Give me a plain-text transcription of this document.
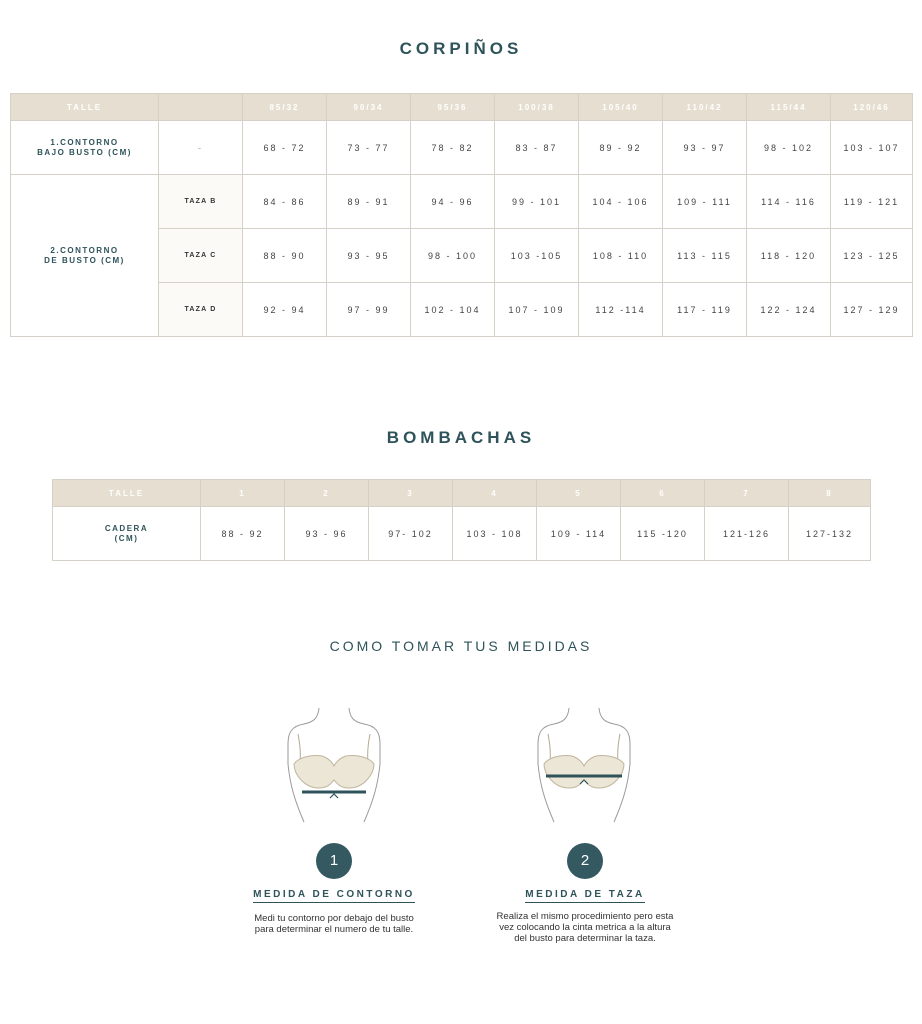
CORPIÑOS
TALLE		85/32	90/34	95/36	100/38	105/40	110/42	115/44	120/46
1.CONTORNO
BAJO BUSTO (CM)	-	68 - 72	73 - 77	78 - 82	83 - 87	89 - 92	93 - 97	98 - 102	103 - 107
2.CONTORNO
DE BUSTO (CM)	TAZA B	84 - 86	89 - 91	94 - 96	99 - 101	104 - 106	109 - 111	114 - 116	119 - 121
	TAZA C	88 - 90	93 - 95	98 - 100	103 -105	108 - 110	113 - 115	118 - 120	123 - 125
	TAZA D	92 - 94	97 - 99	102 - 104	107 - 109	112 -114	117 - 119	122 - 124	127 - 129
BOMBACHAS
TALLE	1	2	3	4	5	6	7	8
CADERA
(CM)	88 - 92	93 - 96	97- 102	103 - 108	109 - 114	115 -120	121-126	127-132
COMO TOMAR TUS MEDIDAS
1
MEDIDA DE CONTORNO
Medi tu contorno por debajo del busto
para determinar el numero de tu talle.
2
MEDIDA DE TAZA
Realiza el mismo procedimiento pero esta
vez colocando la cinta metrica a la altura
del busto para determinar la taza.
